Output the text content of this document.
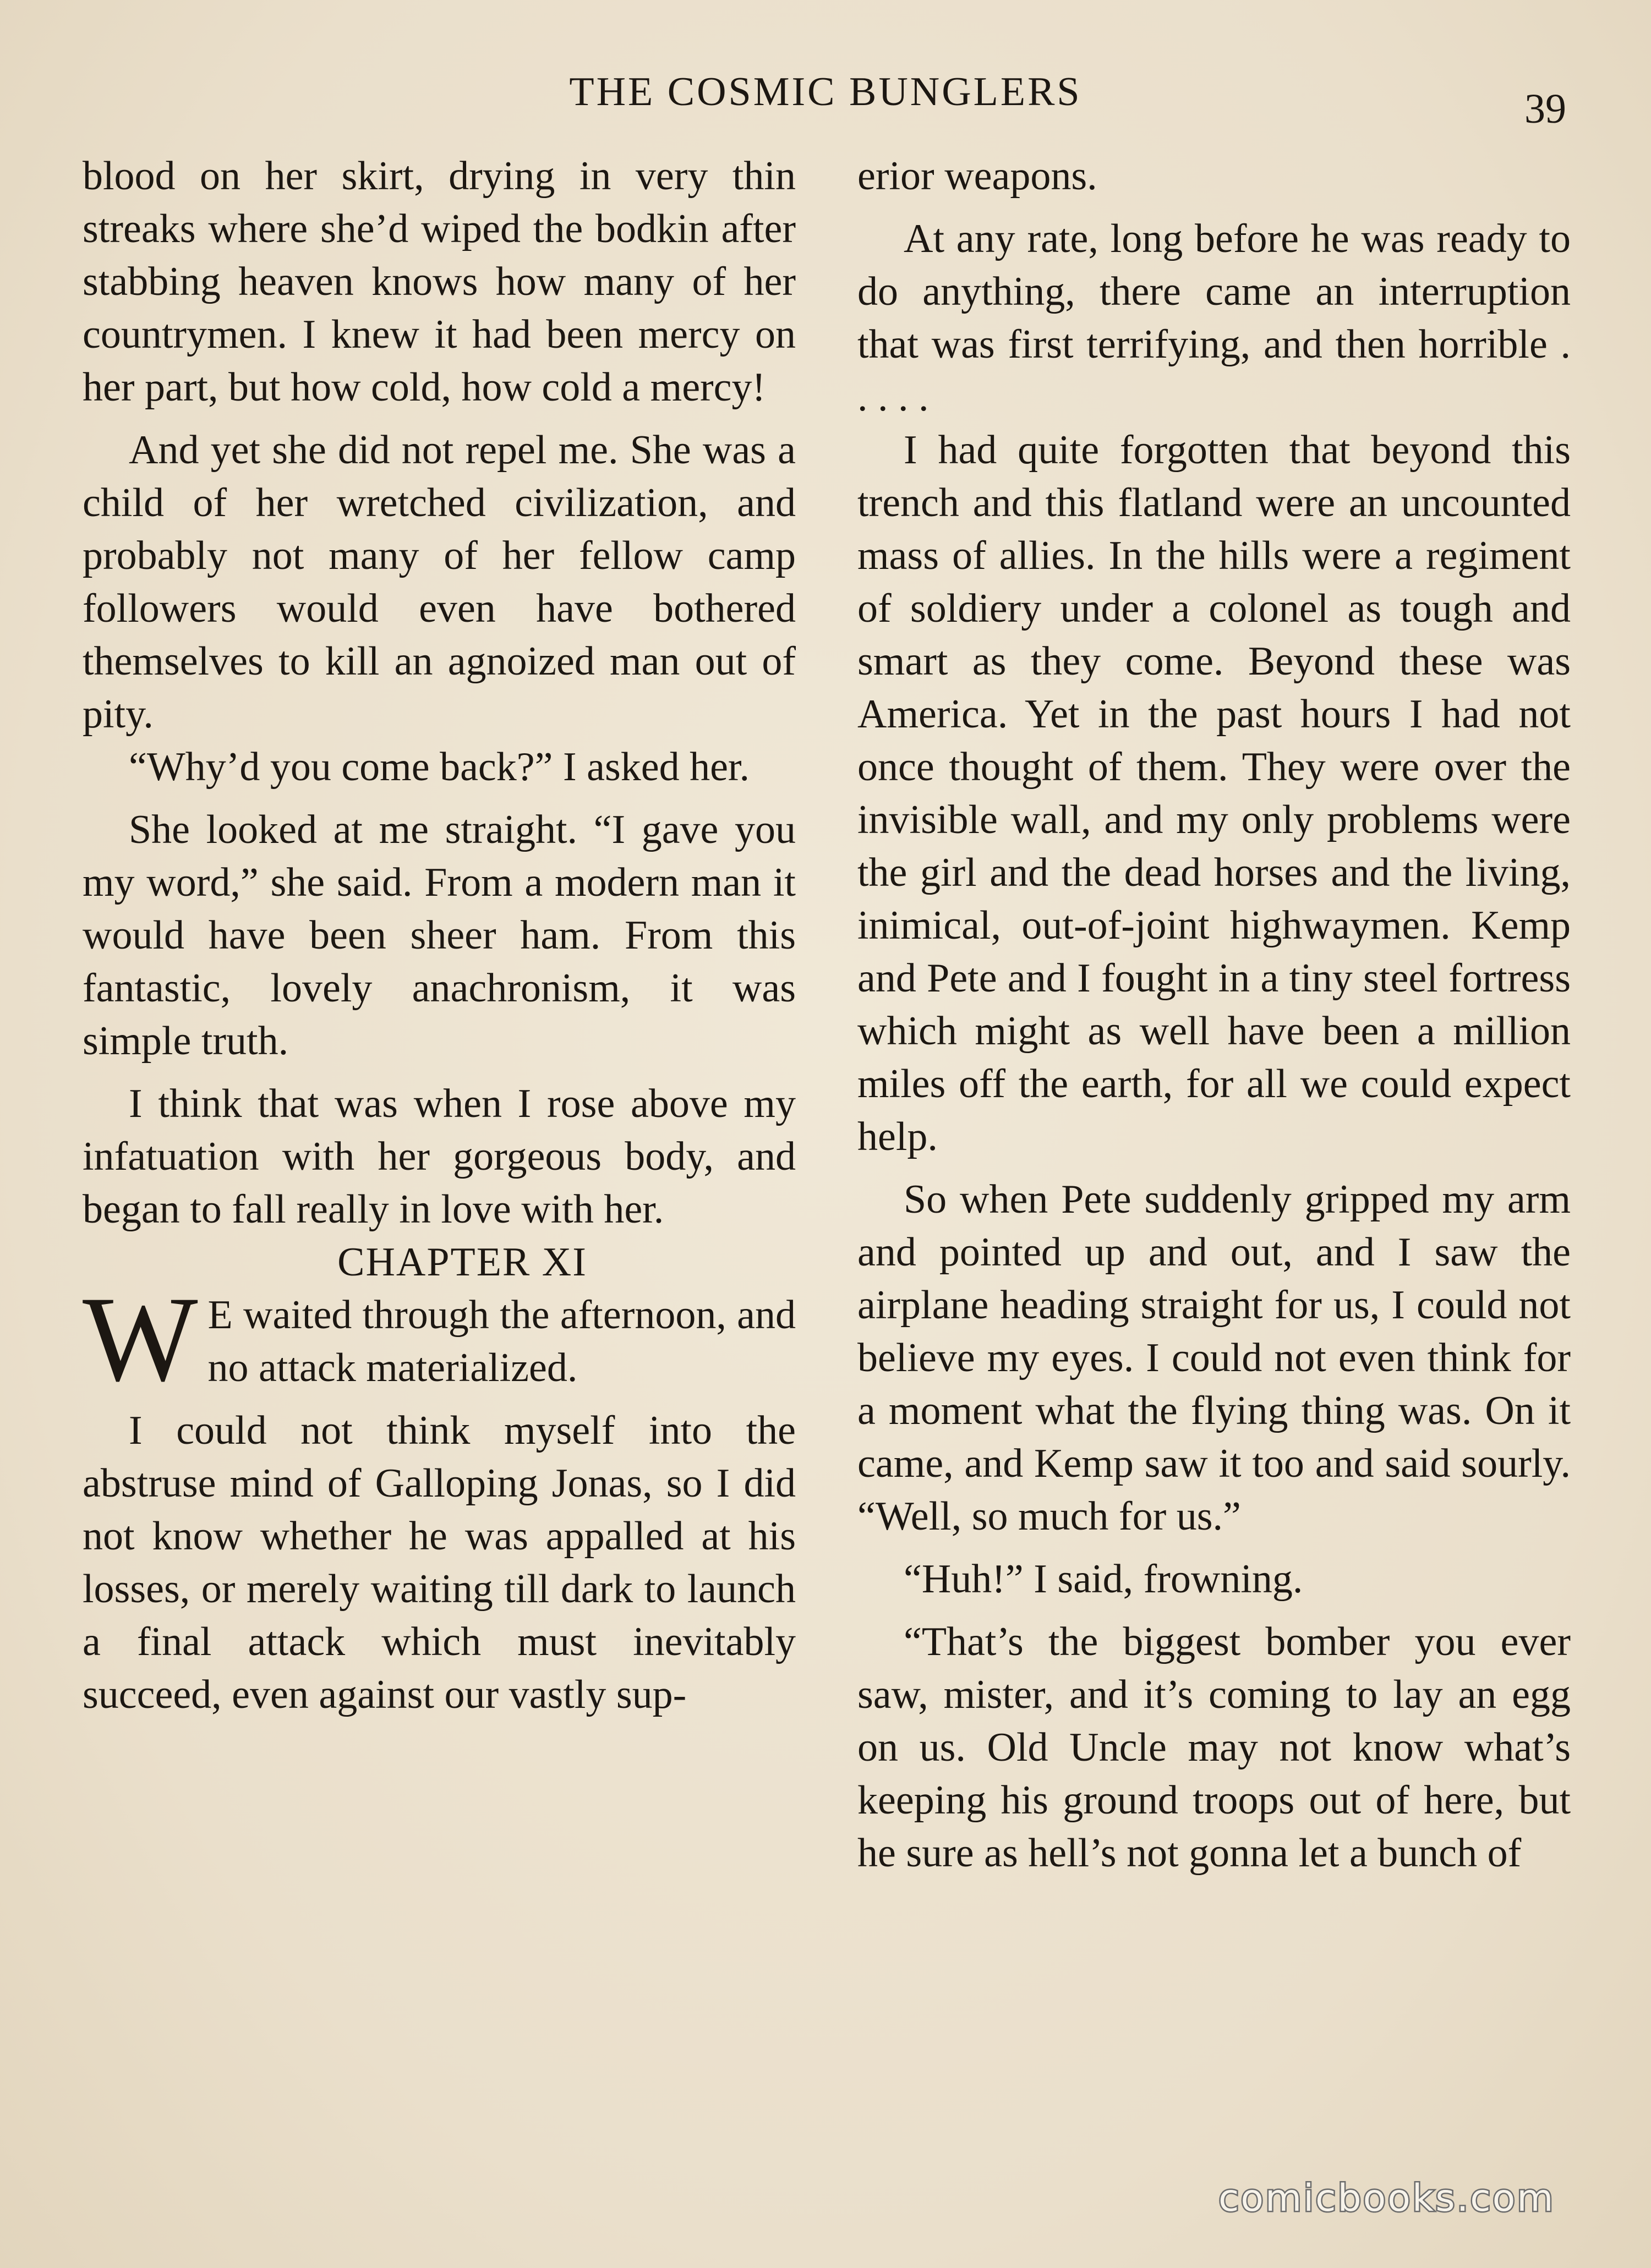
THE COSMIC BUNGLERS	39

blood on her skirt, drying in very thin streaks where she’d wiped the bodkin after stabbing heaven knows how many of her countrymen. I knew it had been mercy on her part, but how cold, how cold a mercy!

And yet she did not repel me. She was a child of her wretched civilization, and probably not many of her fellow camp followers would even have bothered themselves to kill an agnoized man out of pity.

“Why’d you come back?” I asked her.

She looked at me straight. “I gave you my word,” she said. From a modern man it would have been sheer ham. From this fantastic, lovely anachronism, it was simple truth.

I think that was when I rose above my infatuation with her gorgeous body, and began to fall really in love with her.

CHAPTER XI

W E waited through the afternoon, and no attack materialized.

I could not think myself into the abstruse mind of Galloping Jonas, so I did not know whether he was appalled at his losses, or merely waiting till dark to launch a final attack which must inevitably succeed, even against our vastly sup-

erior weapons.

At any rate, long before he was ready to do anything, there came an interruption that was first terrifying, and then horrible . . . . .

I had quite forgotten that beyond this trench and this flatland were an uncounted mass of allies. In the hills were a regiment of soldiery under a colonel as tough and smart as they come. Beyond these was America. Yet in the past hours I had not once thought of them. They were over the invisible wall, and my only problems were the girl and the dead horses and the living, inimical, out-of-joint highwaymen. Kemp and Pete and I fought in a tiny steel fortress which might as well have been a million miles off the earth, for all we could expect help.

So when Pete suddenly gripped my arm and pointed up and out, and I saw the airplane heading straight for us, I could not believe my eyes. I could not even think for a moment what the flying thing was. On it came, and Kemp saw it too and said sourly. “Well, so much for us.”

“Huh!” I said, frowning.

“That’s the biggest bomber you ever saw, mister, and it’s coming to lay an egg on us. Old Uncle may not know what’s keeping his ground troops out of here, but he sure as hell’s not gonna let a bunch of

comicbooks.com
